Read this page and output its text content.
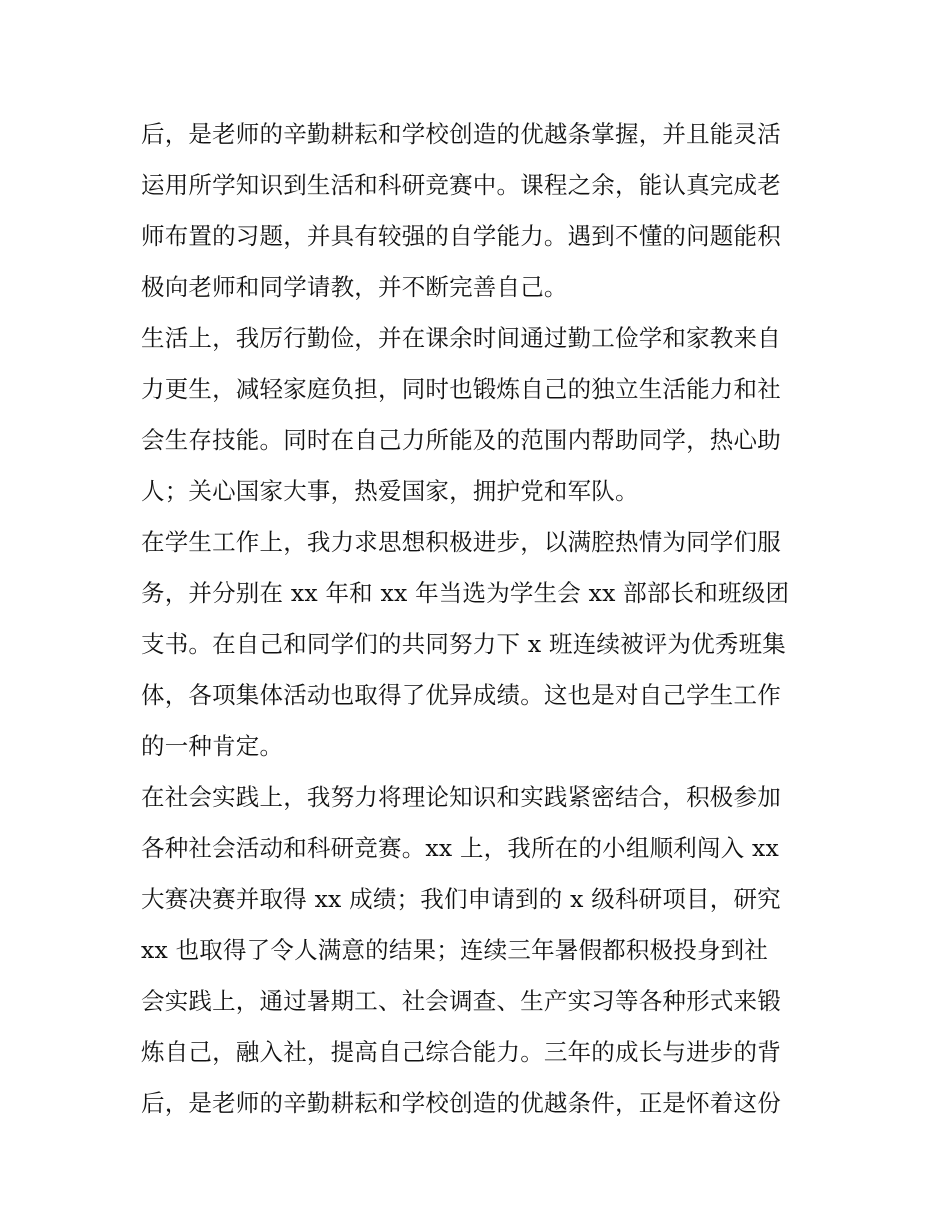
后，是老师的辛勤耕耘和学校创造的优越条掌握，并且能灵活
运用所学知识到生活和科研竞赛中。课程之余，能认真完成老
师布置的习题，并具有较强的自学能力。遇到不懂的问题能积
极向老师和同学请教，并不断完善自己。
生活上，我厉行勤俭，并在课余时间通过勤工俭学和家教来自
力更生，减轻家庭负担，同时也锻炼自己的独立生活能力和社
会生存技能。同时在自己力所能及的范围内帮助同学，热心助
人；关心国家大事，热爱国家，拥护党和军队。
在学生工作上，我力求思想积极进步，以满腔热情为同学们服
务，并分别在 xx 年和 xx 年当选为学生会 xx 部部长和班级团
支书。在自己和同学们的共同努力下 x 班连续被评为优秀班集
体，各项集体活动也取得了优异成绩。这也是对自己学生工作
的一种肯定。
在社会实践上，我努力将理论知识和实践紧密结合，积极参加
各种社会活动和科研竞赛。xx 上，我所在的小组顺利闯入 xx
大赛决赛并取得 xx 成绩；我们申请到的 x 级科研项目，研究
xx 也取得了令人满意的结果；连续三年暑假都积极投身到社
会实践上，通过暑期工、社会调查、生产实习等各种形式来锻
炼自己，融入社，提高自己综合能力。三年的成长与进步的背
后，是老师的辛勤耕耘和学校创造的优越条件，正是怀着这份
